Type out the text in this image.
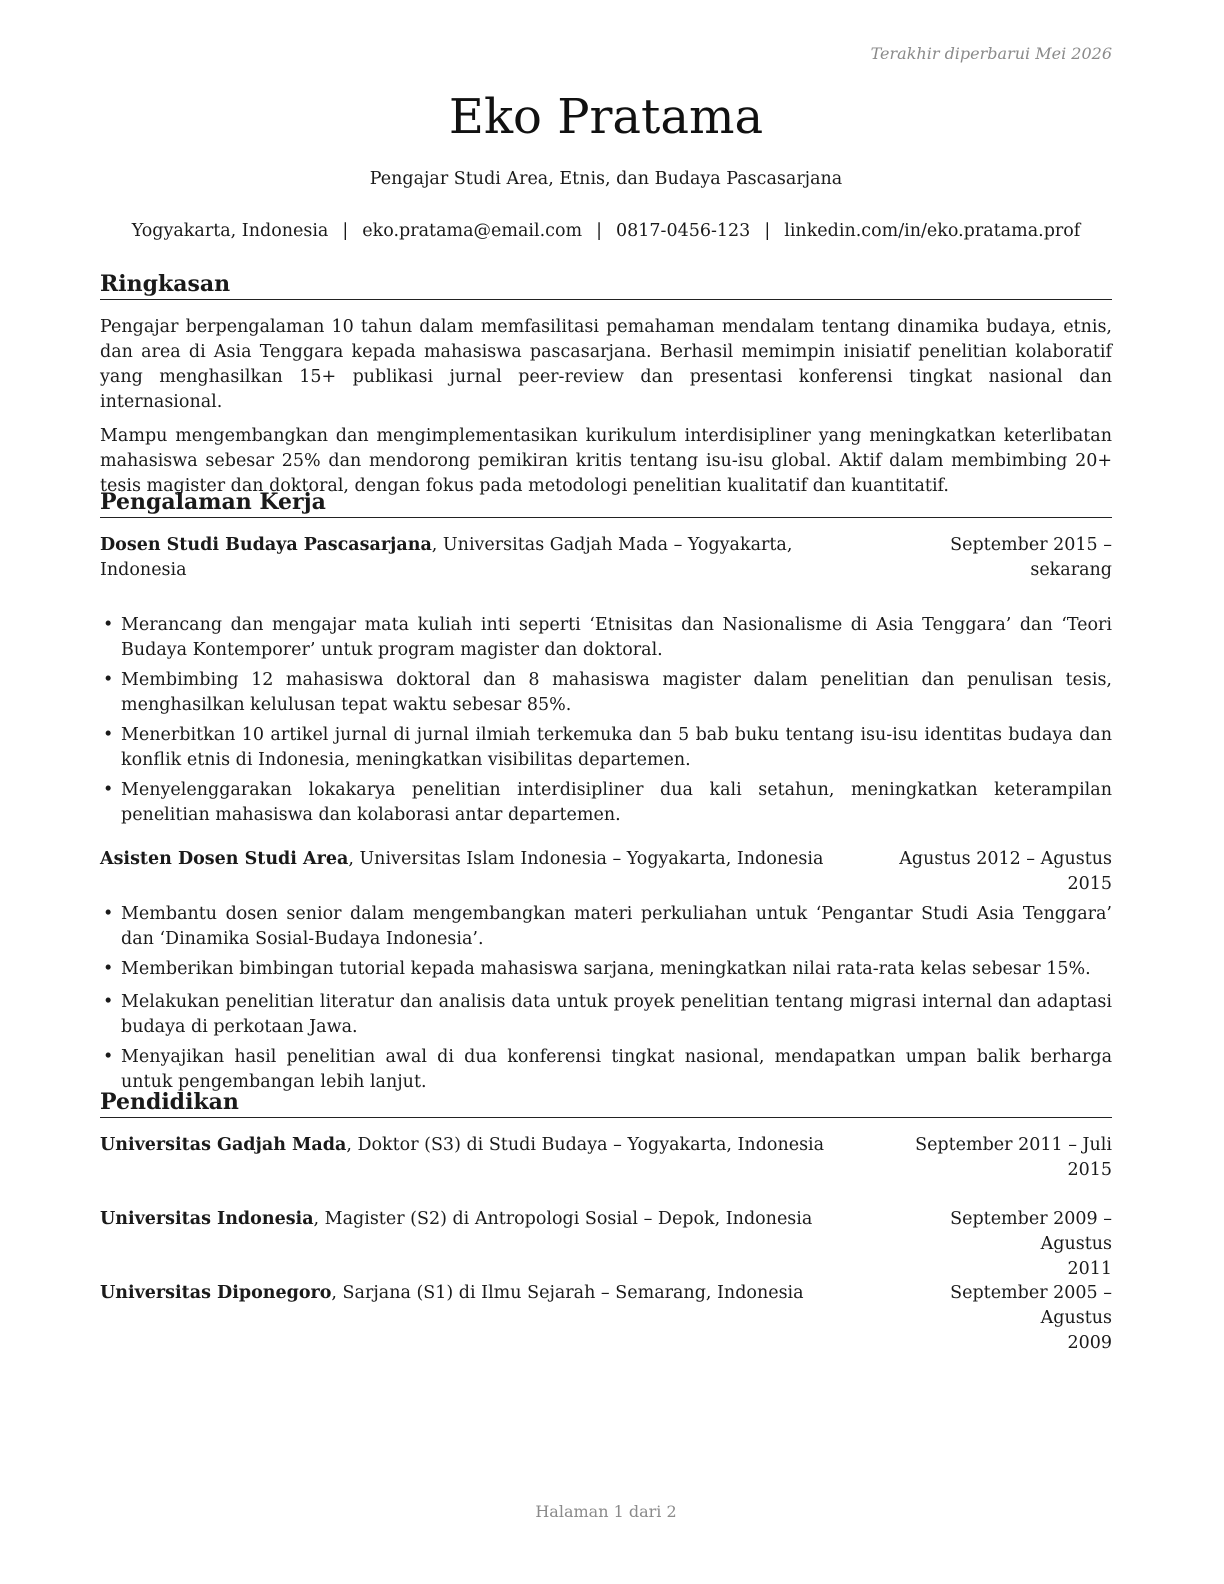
Terakhir diperbarui Mei 2026
Eko Pratama
Pengajar Studi Area, Etnis, dan Budaya Pascasarjana
Yogyakarta, Indonesia | eko.pratama@email.com | 0817-0456-123 | linkedin.com/in/eko.pratama.prof
Ringkasan

Pengajar berpengalaman 10 tahun dalam memfasilitasi pemahaman mendalam tentang dinamika budaya, etnis, dan area di Asia Tenggara kepada mahasiswa pascasarjana. Berhasil memimpin inisiatif penelitian kolaboratif yang menghasilkan 15+ publikasi jurnal peer-review dan presentasi konferensi tingkat nasional dan internasional.

Mampu mengembangkan dan mengimplementasikan kurikulum interdisipliner yang meningkatkan keterlibatan mahasiswa sebesar 25% dan mendorong pemikiran kritis tentang isu-isu global. Aktif dalam membimbing 20+ tesis magister dan doktoral, dengan fokus pada metodologi penelitian kualitatif dan kuantitatif.

Pengalaman Kerja
Dosen Studi Budaya Pascasarjana, Universitas Gadjah Mada – Yogyakarta, Indonesia
September 2015 –
sekarang
• Merancang dan mengajar mata kuliah inti seperti ‘Etnisitas dan Nasionalisme di Asia Tenggara’ dan ‘Teori Budaya Kontemporer’ untuk program magister dan doktoral.
• Membimbing 12 mahasiswa doktoral dan 8 mahasiswa magister dalam penelitian dan penulisan tesis, menghasilkan kelulusan tepat waktu sebesar 85%.
• Menerbitkan 10 artikel jurnal di jurnal ilmiah terkemuka dan 5 bab buku tentang isu-isu identitas budaya dan konflik etnis di Indonesia, meningkatkan visibilitas departemen.
• Menyelenggarakan lokakarya penelitian interdisipliner dua kali setahun, meningkatkan keterampilan penelitian mahasiswa dan kolaborasi antar departemen.
Asisten Dosen Studi Area, Universitas Islam Indonesia – Yogyakarta, Indonesia	Agustus 2012 – Agustus
2015
• Membantu dosen senior dalam mengembangkan materi perkuliahan untuk ‘Pengantar Studi Asia Tenggara’ dan ‘Dinamika Sosial-Budaya Indonesia’.
• Memberikan bimbingan tutorial kepada mahasiswa sarjana, meningkatkan nilai rata-rata kelas sebesar 15%.
• Melakukan penelitian literatur dan analisis data untuk proyek penelitian tentang migrasi internal dan adaptasi budaya di perkotaan Jawa.
• Menyajikan hasil penelitian awal di dua konferensi tingkat nasional, mendapatkan umpan balik berharga untuk pengembangan lebih lanjut.
Pendidikan
Universitas Gadjah Mada, Doktor (S3) di Studi Budaya – Yogyakarta, Indonesia	September 2011 – Juli
2015
Universitas Indonesia, Magister (S2) di Antropologi Sosial – Depok, Indonesia	September 2009 – Agustus
2011
Universitas Diponegoro, Sarjana (S1) di Ilmu Sejarah – Semarang, Indonesia	September 2005 – Agustus
2009
Halaman 1 dari 2
